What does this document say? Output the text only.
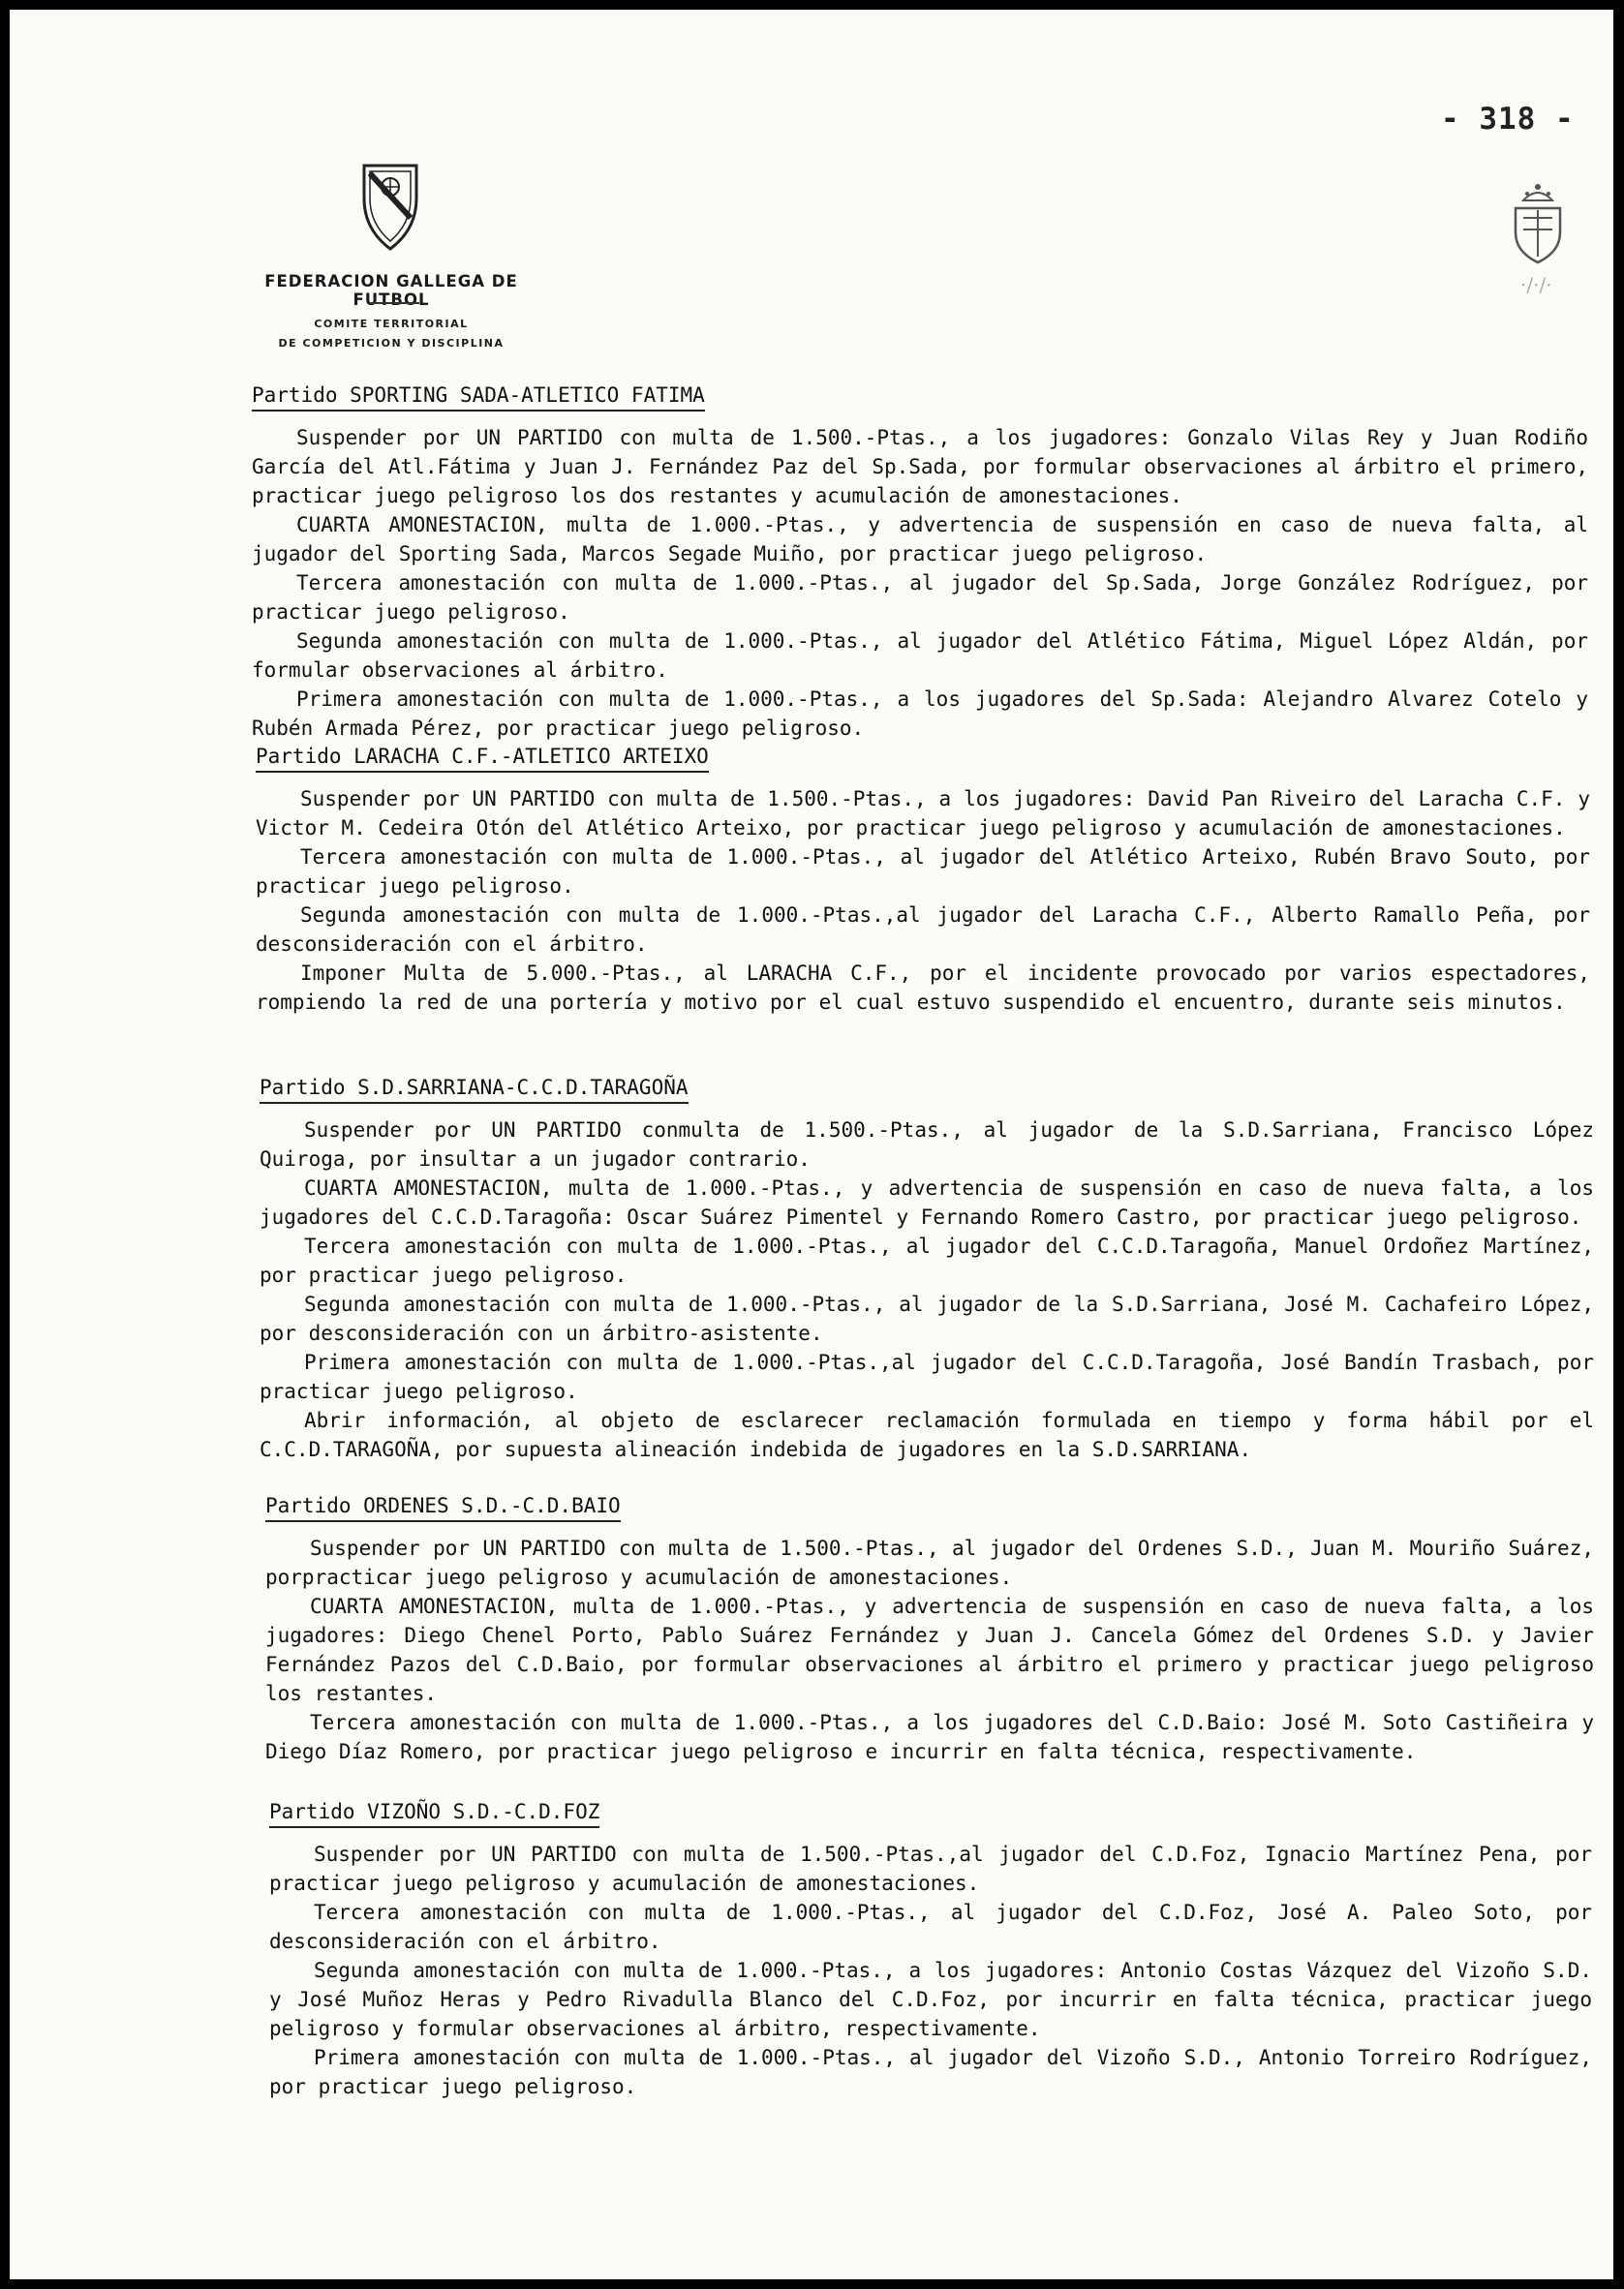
- 318 -
FEDERACION GALLEGA DE FUTBOL
COMITE TERRITORIAL
DE COMPETICION Y DISCIPLINA
·/·/·
Partido SPORTING SADA-ATLETICO FATIMA

Suspender por UN PARTIDO con multa de 1.500.-Ptas., a los jugadores: Gonzalo Vilas Rey y Juan Rodiño García del Atl.Fátima y Juan J. Fernández Paz del Sp.Sada, por formular observaciones al árbitro el primero, practicar juego peligroso los dos restantes y acumulación de amonestaciones.

CUARTA AMONESTACION, multa de 1.000.-Ptas., y advertencia de suspensión en caso de nueva falta, al jugador del Sporting Sada, Marcos Segade Muiño, por practicar juego peligroso.

Tercera amonestación con multa de 1.000.-Ptas., al jugador del Sp.Sada, Jorge González Rodríguez, por practicar juego peligroso.

Segunda amonestación con multa de 1.000.-Ptas., al jugador del Atlético Fátima, Miguel López Aldán, por formular observaciones al árbitro.

Primera amonestación con multa de 1.000.-Ptas., a los jugadores del Sp.Sada: Alejandro Alvarez Cotelo y Rubén Armada Pérez, por practicar juego peligroso.

Partido LARACHA C.F.-ATLETICO ARTEIXO

Suspender por UN PARTIDO con multa de 1.500.-Ptas., a los jugadores: David Pan Riveiro del Laracha C.F. y Victor M. Cedeira Otón del Atlético Arteixo, por practicar juego peligroso y acumulación de amonestaciones.

Tercera amonestación con multa de 1.000.-Ptas., al jugador del Atlético Arteixo, Rubén Bravo Souto, por practicar juego peligroso.

Segunda amonestación con multa de 1.000.-Ptas.,al jugador del Laracha C.F., Alberto Ramallo Peña, por desconsideración con el árbitro.

Imponer Multa de 5.000.-Ptas., al LARACHA C.F., por el incidente provocado por varios espectadores, rompiendo la red de una portería y motivo por el cual estuvo suspendido el encuentro, durante seis minutos.

Partido S.D.SARRIANA-C.C.D.TARAGOÑA

Suspender por UN PARTIDO conmulta de 1.500.-Ptas., al jugador de la S.D.Sarriana, Francisco López Quiroga, por insultar a un jugador contrario.

CUARTA AMONESTACION, multa de 1.000.-Ptas., y advertencia de suspensión en caso de nueva falta, a los jugadores del C.C.D.Taragoña: Oscar Suárez Pimentel y Fernando Romero Castro, por practicar juego peligroso.

Tercera amonestación con multa de 1.000.-Ptas., al jugador del C.C.D.Taragoña, Manuel Ordoñez Martínez, por practicar juego peligroso.

Segunda amonestación con multa de 1.000.-Ptas., al jugador de la S.D.Sarriana, José M. Cachafeiro López, por desconsideración con un árbitro-asistente.

Primera amonestación con multa de 1.000.-Ptas.,al jugador del C.C.D.Taragoña, José Bandín Trasbach, por practicar juego peligroso.

Abrir información, al objeto de esclarecer reclamación formulada en tiempo y forma hábil por el C.C.D.TARAGOÑA, por supuesta alineación indebida de jugadores en la S.D.SARRIANA.

Partido ORDENES S.D.-C.D.BAIO

Suspender por UN PARTIDO con multa de 1.500.-Ptas., al jugador del Ordenes S.D., Juan M. Mouriño Suárez, porpracticar juego peligroso y acumulación de amonestaciones.

CUARTA AMONESTACION, multa de 1.000.-Ptas., y advertencia de suspensión en caso de nueva falta, a los jugadores: Diego Chenel Porto, Pablo Suárez Fernández y Juan J. Cancela Gómez del Ordenes S.D. y Javier Fernández Pazos del C.D.Baio, por formular observaciones al árbitro el primero y practicar juego peligroso los restantes.

Tercera amonestación con multa de 1.000.-Ptas., a los jugadores del C.D.Baio: José M. Soto Castiñeira y Diego Díaz Romero, por practicar juego peligroso e incurrir en falta técnica, respectivamente.

Partido VIZOÑO S.D.-C.D.FOZ

Suspender por UN PARTIDO con multa de 1.500.-Ptas.,al jugador del C.D.Foz, Ignacio Martínez Pena, por practicar juego peligroso y acumulación de amonestaciones.

Tercera amonestación con multa de 1.000.-Ptas., al jugador del C.D.Foz, José A. Paleo Soto, por desconsideración con el árbitro.

Segunda amonestación con multa de 1.000.-Ptas., a los jugadores: Antonio Costas Vázquez del Vizoño S.D. y José Muñoz Heras y Pedro Rivadulla Blanco del C.D.Foz, por incurrir en falta técnica, practicar juego peligroso y formular observaciones al árbitro, respectivamente.

Primera amonestación con multa de 1.000.-Ptas., al jugador del Vizoño S.D., Antonio Torreiro Rodríguez, por practicar juego peligroso.
